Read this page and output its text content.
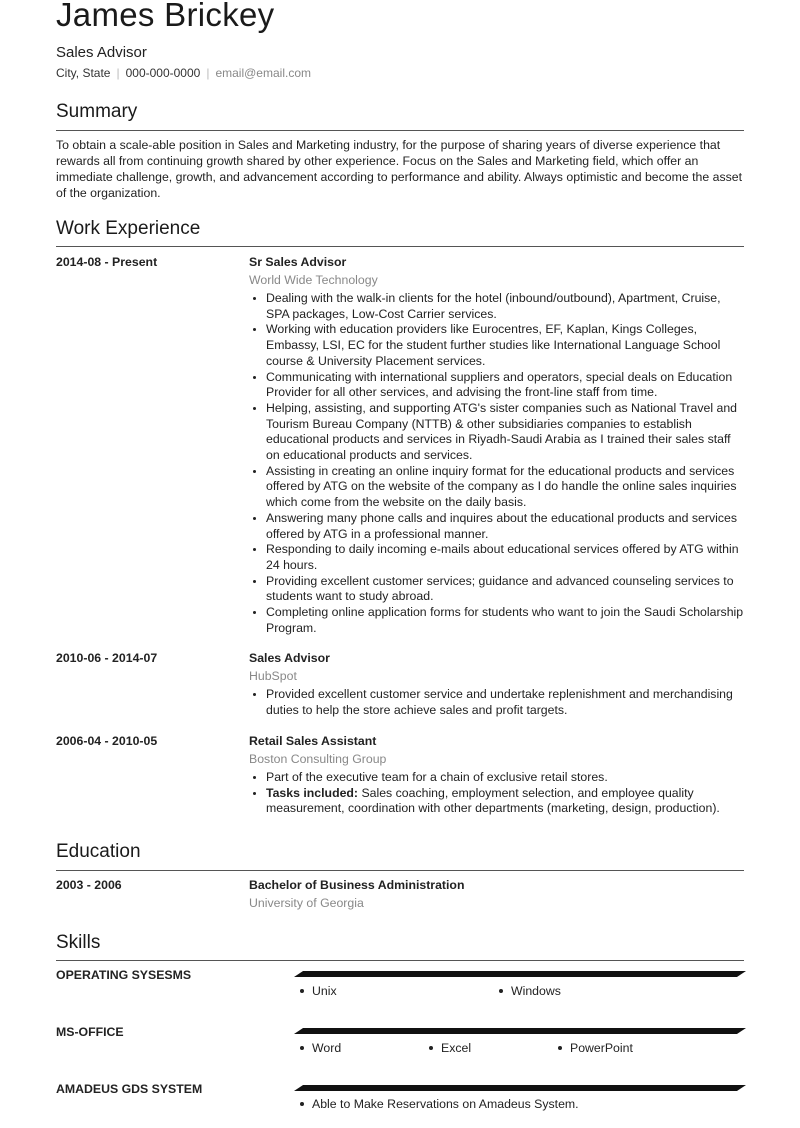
James Brickey
Sales Advisor
City, State | 000-000-0000 | email@email.com
Summary

To obtain a scale-able position in Sales and Marketing industry, for the purpose of sharing years of diverse experience that rewards all from continuing growth shared by other experience. Focus on the Sales and Marketing field, which offer an immediate challenge, growth, and advancement according to performance and ability. Always optimistic and become the asset of the organization.

Work Experience
2014-08 - Present	Sr Sales Advisor
World Wide Technology
• Dealing with the walk-in clients for the hotel (inbound/outbound), Apartment, Cruise, SPA packages, Low-Cost Carrier services.
• Working with education providers like Eurocentres, EF, Kaplan, Kings Colleges, Embassy, LSI, EC for the student further studies like International Language School course & University Placement services.
• Communicating with international suppliers and operators, special deals on Education Provider for all other services, and advising the front-line staff from time.
• Helping, assisting, and supporting ATG's sister companies such as National Travel and Tourism Bureau Company (NTTB) & other subsidiaries companies to establish educational products and services in Riyadh-Saudi Arabia as I trained their sales staff on educational products and services.
• Assisting in creating an online inquiry format for the educational products and services offered by ATG on the website of the company as I do handle the online sales inquiries which come from the website on the daily basis.
• Answering many phone calls and inquires about the educational products and services offered by ATG in a professional manner.
• Responding to daily incoming e-mails about educational services offered by ATG within 24 hours.
• Providing excellent customer services; guidance and advanced counseling services to students want to study abroad.
• Completing online application forms for students who want to join the Saudi Scholarship Program.
2010-06 - 2014-07	Sales Advisor
HubSpot
• Provided excellent customer service and undertake replenishment and merchandising duties to help the store achieve sales and profit targets.
2006-04 - 2010-05	Retail Sales Assistant
Boston Consulting Group
• Part of the executive team for a chain of exclusive retail stores.
• Tasks included: Sales coaching, employment selection, and employee quality measurement, coordination with other departments (marketing, design, production).
Education
2003 - 2006	Bachelor of Business Administration
University of Georgia
Skills
OPERATING SYSESMS
Unix	Windows
MS-OFFICE
Word	Excel	PowerPoint
AMADEUS GDS SYSTEM
Able to Make Reservations on Amadeus System.
